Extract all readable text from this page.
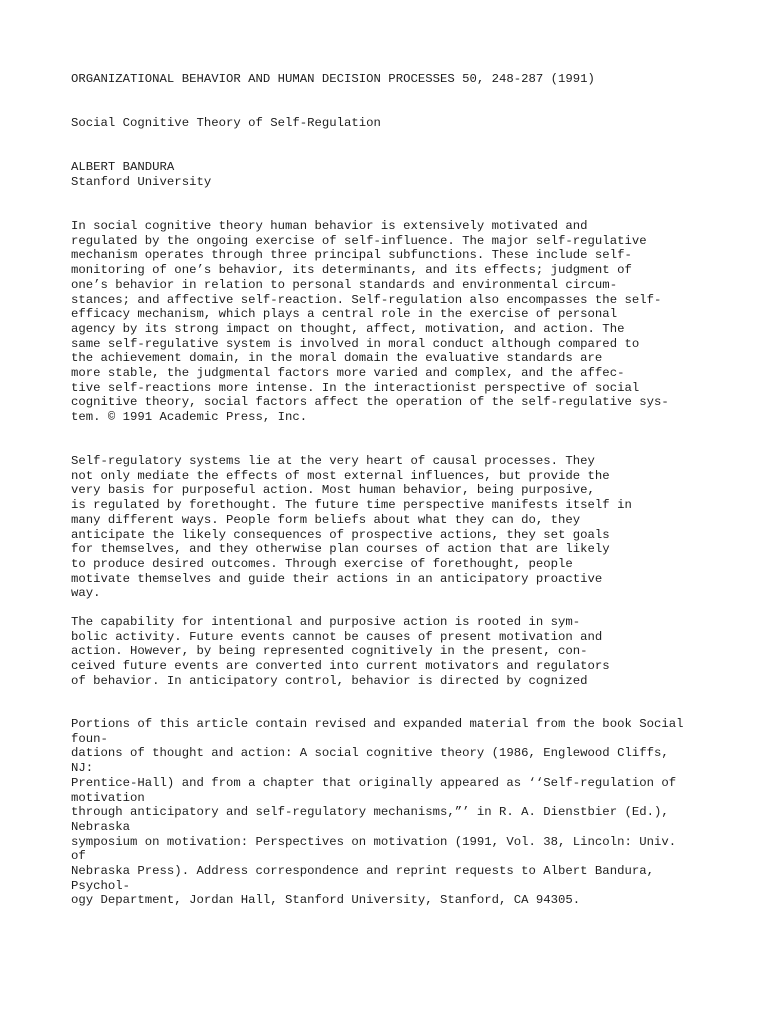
ORGANIZATIONAL BEHAVIOR AND HUMAN DECISION PROCESSES 50, 248-287 (1991)
Social Cognitive Theory of Self-Regulation
ALBERT BANDURA
Stanford University
In social cognitive theory human behavior is extensively motivated and
regulated by the ongoing exercise of self-influence. The major self-regulative
mechanism operates through three principal subfunctions. These include self-
monitoring of one’s behavior, its determinants, and its effects; judgment of
one’s behavior in relation to personal standards and environmental circum-
stances; and affective self-reaction. Self-regulation also encompasses the self-
efficacy mechanism, which plays a central role in the exercise of personal
agency by its strong impact on thought, affect, motivation, and action. The
same self-regulative system is involved in moral conduct although compared to
the achievement domain, in the moral domain the evaluative standards are
more stable, the judgmental factors more varied and complex, and the affec-
tive self-reactions more intense. In the interactionist perspective of social
cognitive theory, social factors affect the operation of the self-regulative sys-
tem. © 1991 Academic Press, Inc.
Self-regulatory systems lie at the very heart of causal processes. They
not only mediate the effects of most external influences, but provide the
very basis for purposeful action. Most human behavior, being purposive,
is regulated by forethought. The future time perspective manifests itself in
many different ways. People form beliefs about what they can do, they
anticipate the likely consequences of prospective actions, they set goals
for themselves, and they otherwise plan courses of action that are likely
to produce desired outcomes. Through exercise of forethought, people
motivate themselves and guide their actions in an anticipatory proactive
way.
The capability for intentional and purposive action is rooted in sym-
bolic activity. Future events cannot be causes of present motivation and
action. However, by being represented cognitively in the present, con-
ceived future events are converted into current motivators and regulators
of behavior. In anticipatory control, behavior is directed by cognized
Portions of this article contain revised and expanded material from the book Social
foun-
dations of thought and action: A social cognitive theory (1986, Englewood Cliffs,
NJ:
Prentice-Hall) and from a chapter that originally appeared as ‘‘Self-regulation of
motivation
through anticipatory and self-regulatory mechanisms,”’ in R. A. Dienstbier (Ed.),
Nebraska
symposium on motivation: Perspectives on motivation (1991, Vol. 38, Lincoln: Univ.
of
Nebraska Press). Address correspondence and reprint requests to Albert Bandura,
Psychol-
ogy Department, Jordan Hall, Stanford University, Stanford, CA 94305.
